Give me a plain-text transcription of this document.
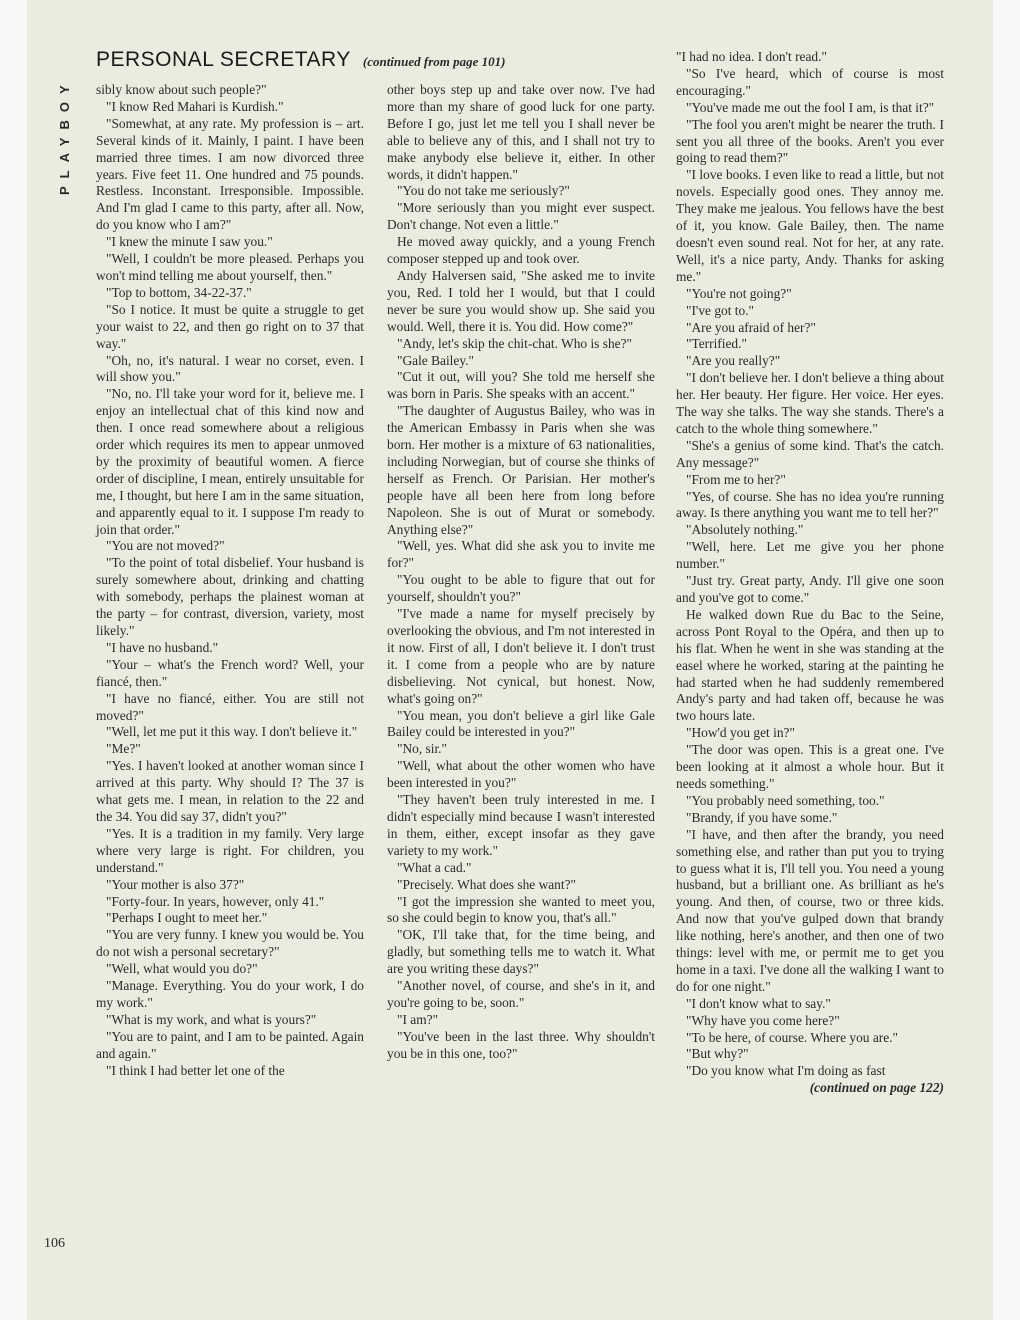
PLAYBOY
PERSONAL SECRETARY (continued from page 101)

sibly know about such people?"

"I know Red Mahari is Kurdish."

"Somewhat, at any rate. My profession is – art. Several kinds of it. Mainly, I paint. I have been married three times. I am now divorced three years. Five feet 11. One hundred and 75 pounds. Restless. Inconstant. Irresponsible. Impossible. And I'm glad I came to this party, after all. Now, do you know who I am?"

"I knew the minute I saw you."

"Well, I couldn't be more pleased. Perhaps you won't mind telling me about yourself, then."

"Top to bottom, 34-22-37."

"So I notice. It must be quite a struggle to get your waist to 22, and then go right on to 37 that way."

"Oh, no, it's natural. I wear no corset, even. I will show you."

"No, no. I'll take your word for it, believe me. I enjoy an intellectual chat of this kind now and then. I once read somewhere about a religious order which requires its men to appear unmoved by the proximity of beautiful women. A fierce order of discipline, I mean, entirely unsuitable for me, I thought, but here I am in the same situation, and apparently equal to it. I suppose I'm ready to join that order."

"You are not moved?"

"To the point of total disbelief. Your husband is surely somewhere about, drinking and chatting with somebody, perhaps the plainest woman at the party – for contrast, diversion, variety, most likely."

"I have no husband."

"Your – what's the French word? Well, your fiancé, then."

"I have no fiancé, either. You are still not moved?"

"Well, let me put it this way. I don't believe it."

"Me?"

"Yes. I haven't looked at another woman since I arrived at this party. Why should I? The 37 is what gets me. I mean, in relation to the 22 and the 34. You did say 37, didn't you?"

"Yes. It is a tradition in my family. Very large where very large is right. For children, you understand."

"Your mother is also 37?"

"Forty-four. In years, however, only 41."

"Perhaps I ought to meet her."

"You are very funny. I knew you would be. You do not wish a personal secretary?"

"Well, what would you do?"

"Manage. Everything. You do your work, I do my work."

"What is my work, and what is yours?"

"You are to paint, and I am to be painted. Again and again."

"I think I had better let one of the

other boys step up and take over now. I've had more than my share of good luck for one party. Before I go, just let me tell you I shall never be able to believe any of this, and I shall not try to make anybody else believe it, either. In other words, it didn't happen."

"You do not take me seriously?"

"More seriously than you might ever suspect. Don't change. Not even a little."

He moved away quickly, and a young French composer stepped up and took over.

Andy Halversen said, "She asked me to invite you, Red. I told her I would, but that I could never be sure you would show up. She said you would. Well, there it is. You did. How come?"

"Andy, let's skip the chit-chat. Who is she?"

"Gale Bailey."

"Cut it out, will you? She told me herself she was born in Paris. She speaks with an accent."

"The daughter of Augustus Bailey, who was in the American Embassy in Paris when she was born. Her mother is a mixture of 63 nationalities, including Norwegian, but of course she thinks of herself as French. Or Parisian. Her mother's people have all been here from long before Napoleon. She is out of Murat or somebody. Anything else?"

"Well, yes. What did she ask you to invite me for?"

"You ought to be able to figure that out for yourself, shouldn't you?"

"I've made a name for myself precisely by overlooking the obvious, and I'm not interested in it now. First of all, I don't believe it. I don't trust it. I come from a people who are by nature disbelieving. Not cynical, but honest. Now, what's going on?"

"You mean, you don't believe a girl like Gale Bailey could be interested in you?"

"No, sir."

"Well, what about the other women who have been interested in you?"

"They haven't been truly interested in me. I didn't especially mind because I wasn't interested in them, either, except insofar as they gave variety to my work."

"What a cad."

"Precisely. What does she want?"

"I got the impression she wanted to meet you, so she could begin to know you, that's all."

"OK, I'll take that, for the time being, and gladly, but something tells me to watch it. What are you writing these days?"

"Another novel, of course, and she's in it, and you're going to be, soon."

"I am?"

"You've been in the last three. Why shouldn't you be in this one, too?"

"I had no idea. I don't read."

"So I've heard, which of course is most encouraging."

"You've made me out the fool I am, is that it?"

"The fool you aren't might be nearer the truth. I sent you all three of the books. Aren't you ever going to read them?"

"I love books. I even like to read a little, but not novels. Especially good ones. They annoy me. They make me jealous. You fellows have the best of it, you know. Gale Bailey, then. The name doesn't even sound real. Not for her, at any rate. Well, it's a nice party, Andy. Thanks for asking me."

"You're not going?"

"I've got to."

"Are you afraid of her?"

"Terrified."

"Are you really?"

"I don't believe her. I don't believe a thing about her. Her beauty. Her figure. Her voice. Her eyes. The way she talks. The way she stands. There's a catch to the whole thing somewhere."

"She's a genius of some kind. That's the catch. Any message?"

"From me to her?"

"Yes, of course. She has no idea you're running away. Is there anything you want me to tell her?"

"Absolutely nothing."

"Well, here. Let me give you her phone number."

"Just try. Great party, Andy. I'll give one soon and you've got to come."

He walked down Rue du Bac to the Seine, across Pont Royal to the Opéra, and then up to his flat. When he went in she was standing at the easel where he worked, staring at the painting he had started when he had suddenly remembered Andy's party and had taken off, because he was two hours late.

"How'd you get in?"

"The door was open. This is a great one. I've been looking at it almost a whole hour. But it needs something."

"You probably need something, too."

"Brandy, if you have some."

"I have, and then after the brandy, you need something else, and rather than put you to trying to guess what it is, I'll tell you. You need a young husband, but a brilliant one. As brilliant as he's young. And then, of course, two or three kids. And now that you've gulped down that brandy like nothing, here's another, and then one of two things: level with me, or permit me to get you home in a taxi. I've done all the walking I want to do for one night."

"I don't know what to say."

"Why have you come here?"

"To be here, of course. Where you are."

"But why?"

"Do you know what I'm doing as fast

(continued on page 122)

106
